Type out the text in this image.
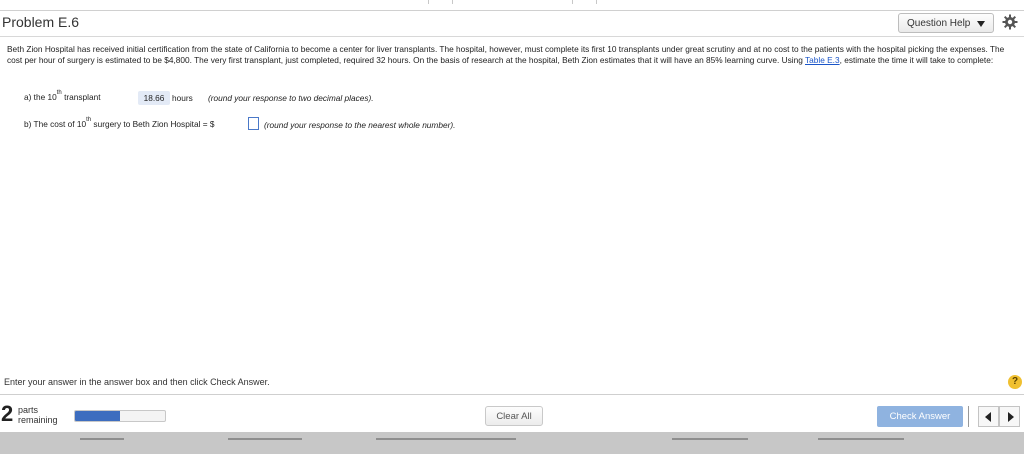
Problem E.6	Question Help
Beth Zion Hospital has received initial certification from the state of California to become a center for liver transplants. The hospital, however, must complete its first 10 transplants under great scrutiny and at no cost to the patients with the hospital picking the expenses. The cost per hour of surgery is estimated to be $4,800. The very first transplant, just completed, required 32 hours. On the basis of research at the hospital, Beth Zion estimates that it will have an 85% learning curve. Using Table E.3, estimate the time it will take to complete:
a) the 10th transplant	18.66 hours (round your response to two decimal places).
b) The cost of 10th surgery to Beth Zion Hospital = $	(round your response to the nearest whole number).
Enter your answer in the answer box and then click Check Answer.	?
2 parts
remaining	Clear All	Check Answer
